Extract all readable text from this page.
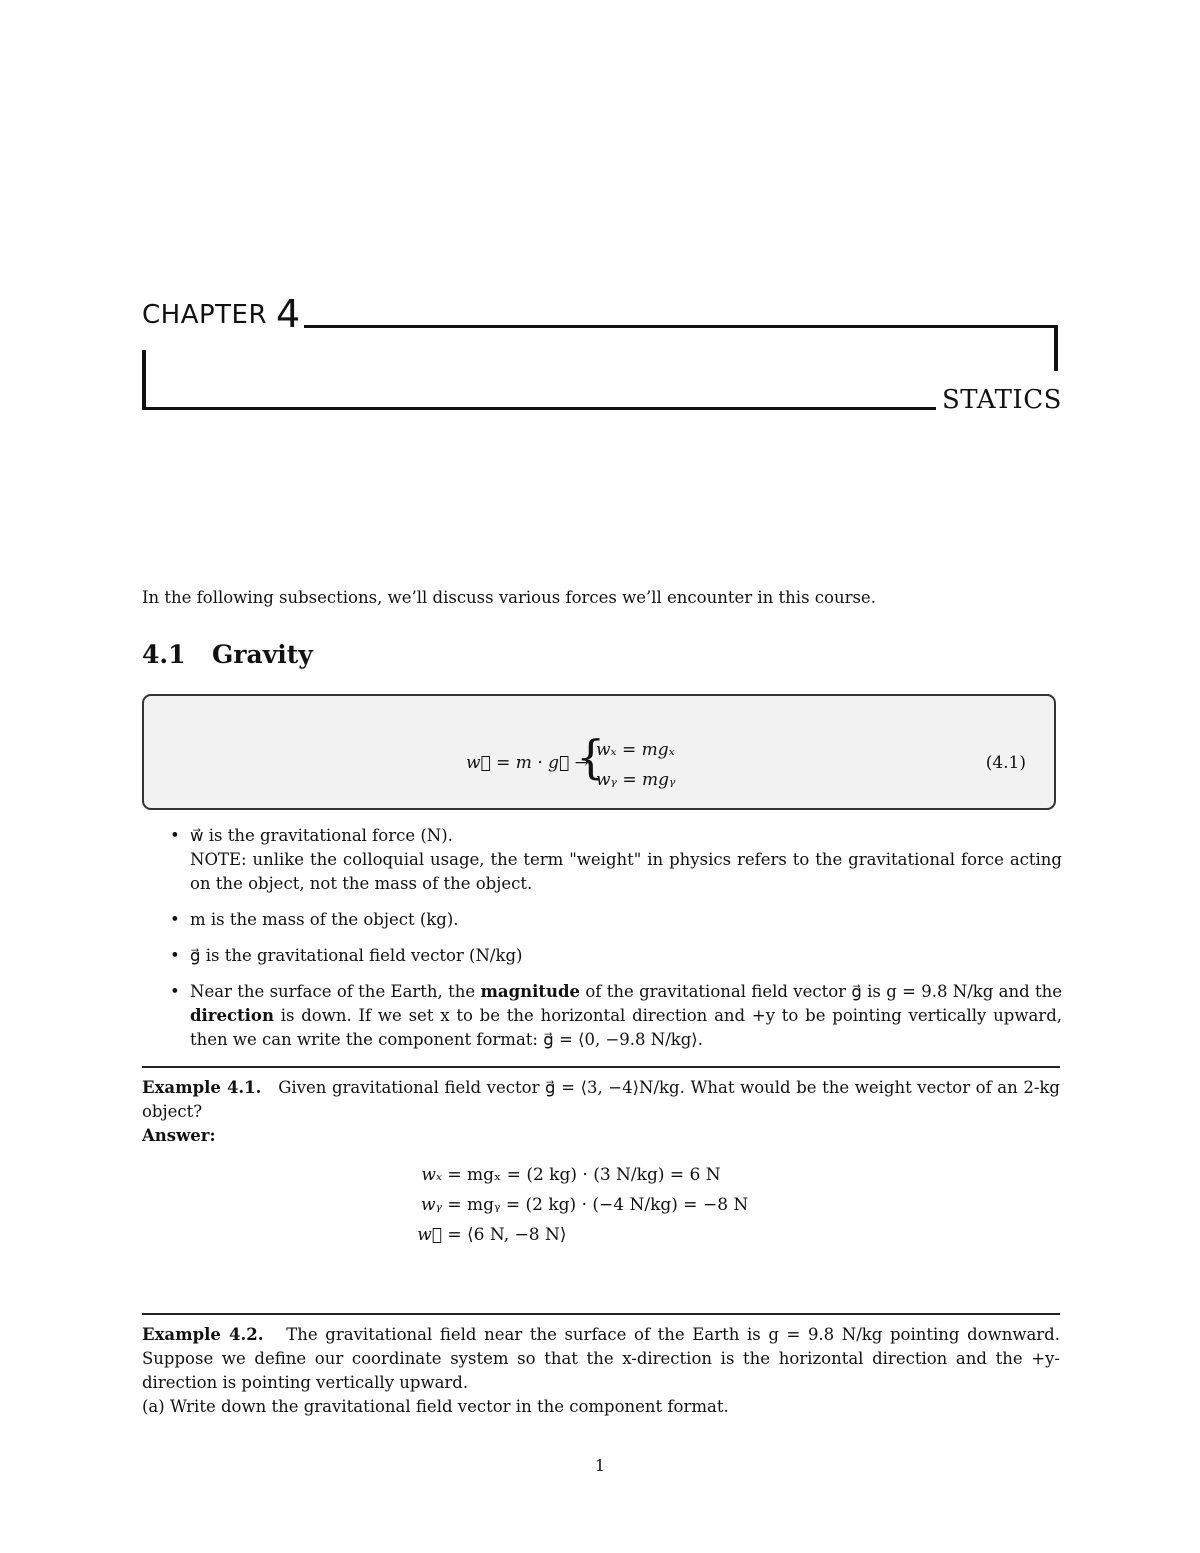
CHAPTER 4
STATICS
In the following subsections, we’ll discuss various forces we’ll encounter in this course.
4.1 Gravity
w⃗ = m · g⃗ →
{
wₓ = mgₓ
wᵧ = mgᵧ
(4.1)
• w⃗ is the gravitational force (N).
NOTE: unlike the colloquial usage, the term "weight" in physics refers to the gravitational force acting on the object, not the mass of the object.
• m is the mass of the object (kg).
• g⃗ is the gravitational field vector (N/kg)
• Near the surface of the Earth, the magnitude of the gravitational field vector g⃗ is g = 9.8 N/kg and the direction is down. If we set x to be the horizontal direction and +y to be pointing vertically upward, then we can write the component format: g⃗ = ⟨0, −9.8 N/kg⟩.
Example 4.1. Given gravitational field vector g⃗ = ⟨3, −4⟩N/kg. What would be the weight vector of an 2-kg object?
Answer:
wₓ = mgₓ = (2 kg) · (3 N/kg) = 6 N
wᵧ = mgᵧ = (2 kg) · (−4 N/kg) = −8 N
w⃗ = ⟨6 N, −8 N⟩
Example 4.2. The gravitational field near the surface of the Earth is g = 9.8 N/kg pointing downward. Suppose we define our coordinate system so that the x-direction is the horizontal direction and the +y-direction is pointing vertically upward.
(a) Write down the gravitational field vector in the component format.
1
